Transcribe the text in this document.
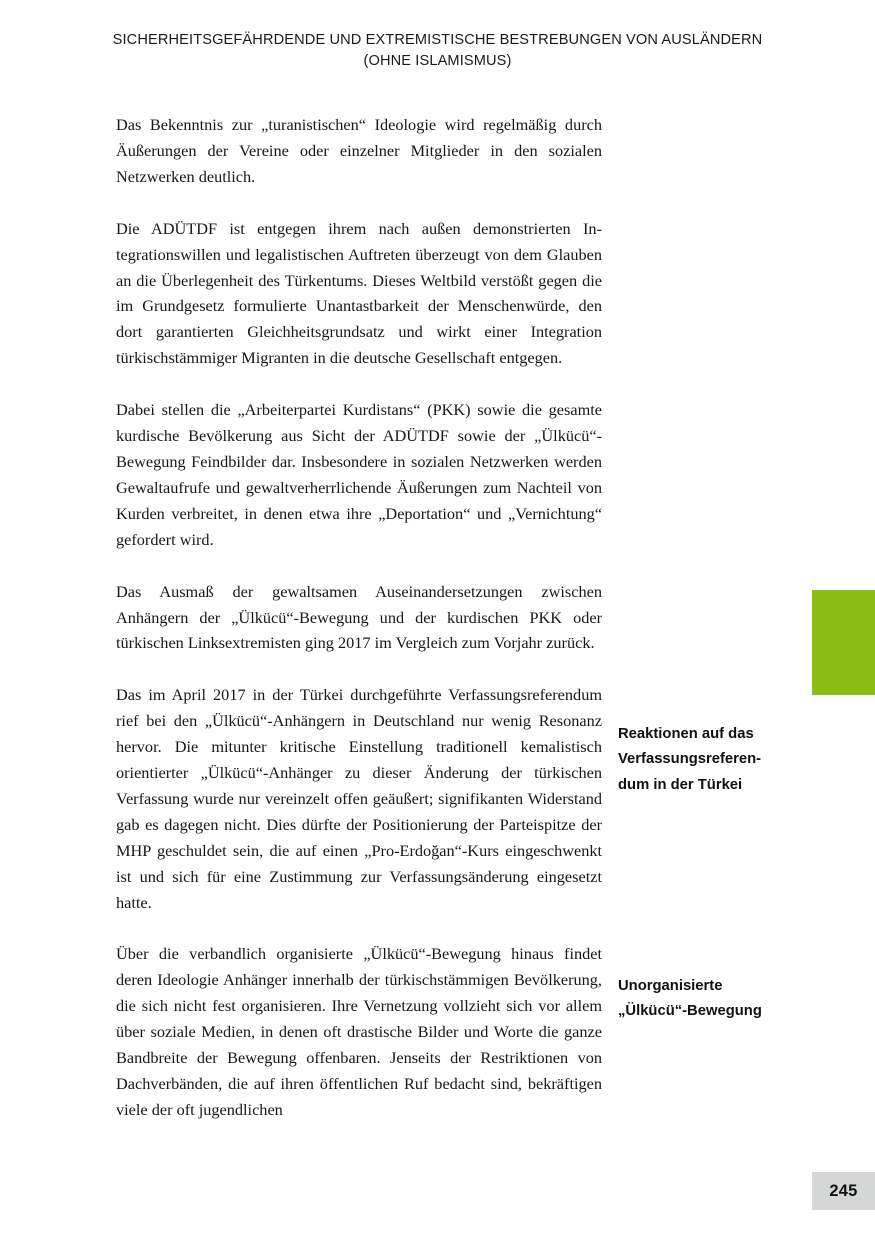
SICHERHEITSGEFÄHRDENDE UND EXTREMISTISCHE BESTREBUNGEN VON AUSLÄNDERN
(OHNE ISLAMISMUS)

Das Bekenntnis zur „turanistischen“ Ideologie wird regelmäßig durch Äußerungen der Vereine oder einzelner Mitglieder in den sozialen Netzwerken deutlich.

Die ADÜTDF ist entgegen ihrem nach außen demonstrierten Integrationswillen und legalistischen Auftreten überzeugt von dem Glauben an die Überlegenheit des Türkentums. Dieses Weltbild verstößt gegen die im Grundgesetz formulierte Unantastbarkeit der Menschenwürde, den dort garantierten Gleichheitsgrundsatz und wirkt einer Integration türkischstämmiger Migranten in die deutsche Gesellschaft entgegen.

Dabei stellen die „Arbeiterpartei Kurdistans“ (PKK) sowie die gesamte kurdische Bevölkerung aus Sicht der ADÜTDF sowie der „Ülkücü“-Bewegung Feindbilder dar. Insbesondere in sozialen Netzwerken werden Gewaltaufrufe und gewaltverherrlichende Äußerungen zum Nachteil von Kurden verbreitet, in denen etwa ihre „Deportation“ und „Vernichtung“ gefordert wird.

Das Ausmaß der gewaltsamen Auseinandersetzungen zwischen Anhängern der „Ülkücü“-Bewegung und der kurdischen PKK oder türkischen Linksextremisten ging 2017 im Vergleich zum Vorjahr zurück.

Das im April 2017 in der Türkei durchgeführte Verfassungsreferendum rief bei den „Ülkücü“-Anhängern in Deutschland nur wenig Resonanz hervor. Die mitunter kritische Einstellung traditionell kemalistisch orientierter „Ülkücü“-Anhänger zu dieser Änderung der türkischen Verfassung wurde nur vereinzelt offen geäußert; signifikanten Widerstand gab es dagegen nicht. Dies dürfte der Positionierung der Parteispitze der MHP geschuldet sein, die auf einen „Pro-Erdoğan“-Kurs eingeschwenkt ist und sich für eine Zustimmung zur Verfassungsänderung eingesetzt hatte.

Über die verbandlich organisierte „Ülkücü“-Bewegung hinaus findet deren Ideologie Anhänger innerhalb der türkischstämmigen Bevölkerung, die sich nicht fest organisieren. Ihre Vernetzung vollzieht sich vor allem über soziale Medien, in denen oft drastische Bilder und Worte die ganze Bandbreite der Bewegung offenbaren. Jenseits der Restriktionen von Dachverbänden, die auf ihren öffentlichen Ruf bedacht sind, bekräftigen viele der oft jugendlichen

Reaktionen auf das
Verfassungsreferen-
dum in der Türkei
Unorganisierte
„Ülkücü“-Bewegung
245
